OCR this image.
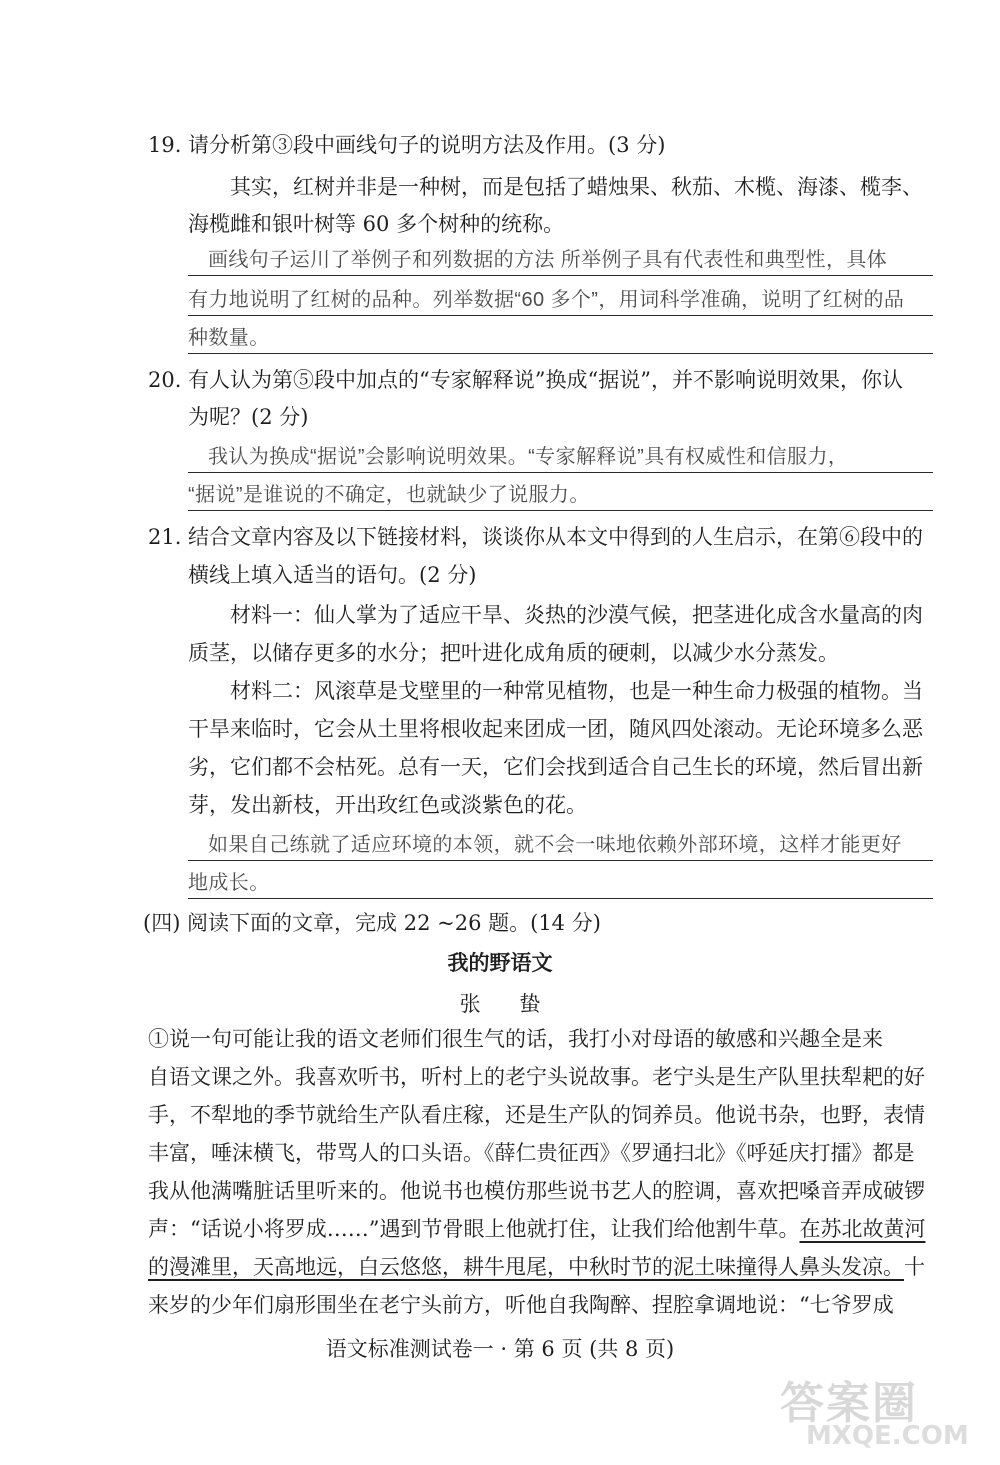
19. 请分析第③段中画线句子的说明方法及作用。(3 分)
其实，红树并非是一种树，而是包括了蜡烛果、秋茄、木榄、海漆、榄李、
海榄雌和银叶树等 60 多个树种的统称。
画线句子运川了举例子和列数据的方法 所举例子具有代表性和典型性，具体
有力地说明了红树的品种。列举数据“60 多个”，用词科学准确，说明了红树的品
种数量。
20. 有人认为第⑤段中加点的“专家解释说”换成“据说”，并不影响说明效果，你认
为呢？(2 分)
我认为换成“据说”会影响说明效果。“专家解释说”具有权威性和信服力，
“据说”是谁说的不确定，也就缺少了说服力。
21. 结合文章内容及以下链接材料，谈谈你从本文中得到的人生启示，在第⑥段中的
横线上填入适当的语句。(2 分)
材料一：仙人掌为了适应干旱、炎热的沙漠气候，把茎进化成含水量高的肉
质茎，以储存更多的水分；把叶进化成角质的硬刺，以减少水分蒸发。
材料二：风滚草是戈壁里的一种常见植物，也是一种生命力极强的植物。当
干旱来临时，它会从土里将根收起来团成一团，随风四处滚动。无论环境多么恶
劣，它们都不会枯死。总有一天，它们会找到适合自己生长的环境，然后冒出新
芽，发出新枝，开出玫红色或淡紫色的花。
如果自己练就了适应环境的本领，就不会一味地依赖外部环境，这样才能更好
地成长。
(四) 阅读下面的文章，完成 22 ~26 题。(14 分)
我的野语文
张 蛰
①说一句可能让我的语文老师们很生气的话，我打小对母语的敏感和兴趣全是来
自语文课之外。我喜欢听书，听村上的老宁头说故事。老宁头是生产队里扶犁耙的好
手，不犁地的季节就给生产队看庄稼，还是生产队的饲养员。他说书杂，也野，表情
丰富，唾沫横飞，带骂人的口头语。《薛仁贵征西》《罗通扫北》《呼延庆打擂》都是
我从他满嘴脏话里听来的。他说书也模仿那些说书艺人的腔调，喜欢把嗓音弄成破锣
声：“话说小将罗成……”遇到节骨眼上他就打住，让我们给他割牛草。在苏北故黄河
的漫滩里，天高地远，白云悠悠，耕牛甩尾，中秋时节的泥土味撞得人鼻头发凉。十
来岁的少年们扇形围坐在老宁头前方，听他自我陶醉、捏腔拿调地说：“七爷罗成
语文标准测试卷一 · 第 6 页 (共 8 页)
答案圈
MXQE.COM
